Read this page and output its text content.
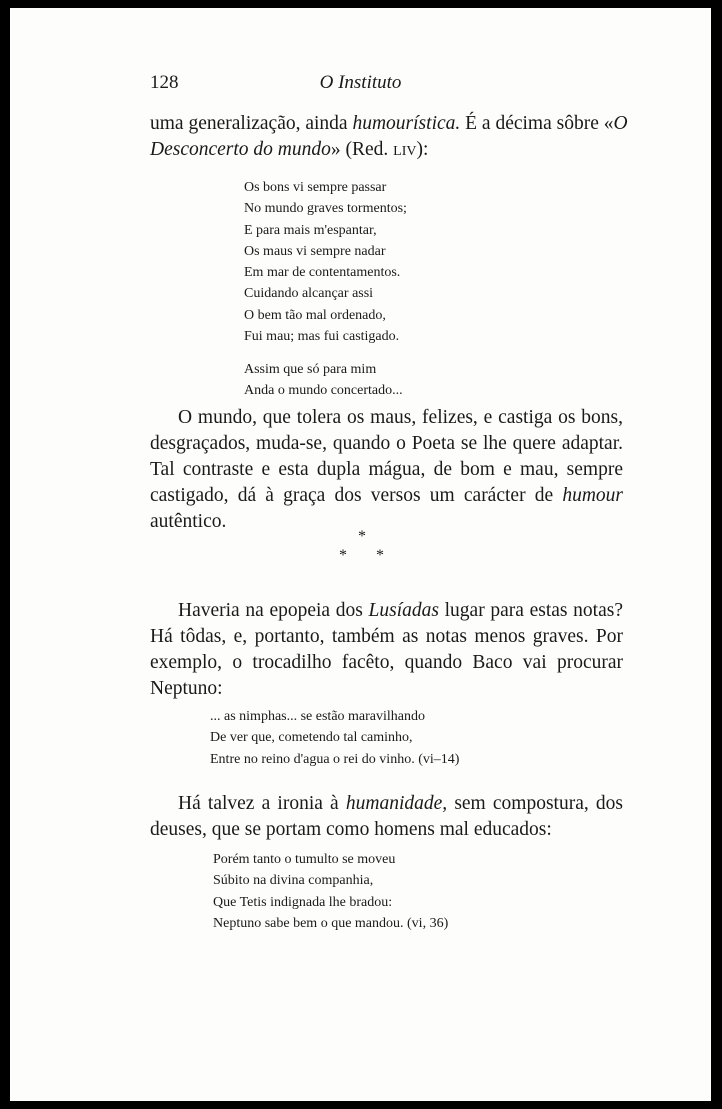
128	O Instituto
uma generalização, ainda humourística. É a décima sôbre «O
Desconcerto do mundo» (Red. liv):
Os bons vi sempre passar
No mundo graves tormentos;
E para mais m'espantar,
Os maus vi sempre nadar
Em mar de contentamentos.
Cuidando alcançar assi
O bem tão mal ordenado,
Fui mau; mas fui castigado.
Assim que só para mim
Anda o mundo concertado...
O mundo, que tolera os maus, felizes, e castiga os bons,
desgraçados, muda-se, quando o Poeta se lhe quere adaptar.
Tal contraste e esta dupla mágua, de bom e mau, sempre
castigado, dá à graça dos versos um carácter de humour
autêntico.
*
* *
Haveria na epopeia dos Lusíadas lugar para estas notas?
Há tôdas, e, portanto, também as notas menos graves. Por
exemplo, o trocadilho facêto, quando Baco vai procurar
Neptuno:
... as nimphas... se estão maravilhando
De ver que, cometendo tal caminho,
Entre no reino d'agua o rei do vinho. (vi–14)
Há talvez a ironia à humanidade, sem compostura, dos
deuses, que se portam como homens mal educados:
Porém tanto o tumulto se moveu
Súbito na divina companhia,
Que Tetis indignada lhe bradou:
Neptuno sabe bem o que mandou. (vi, 36)
